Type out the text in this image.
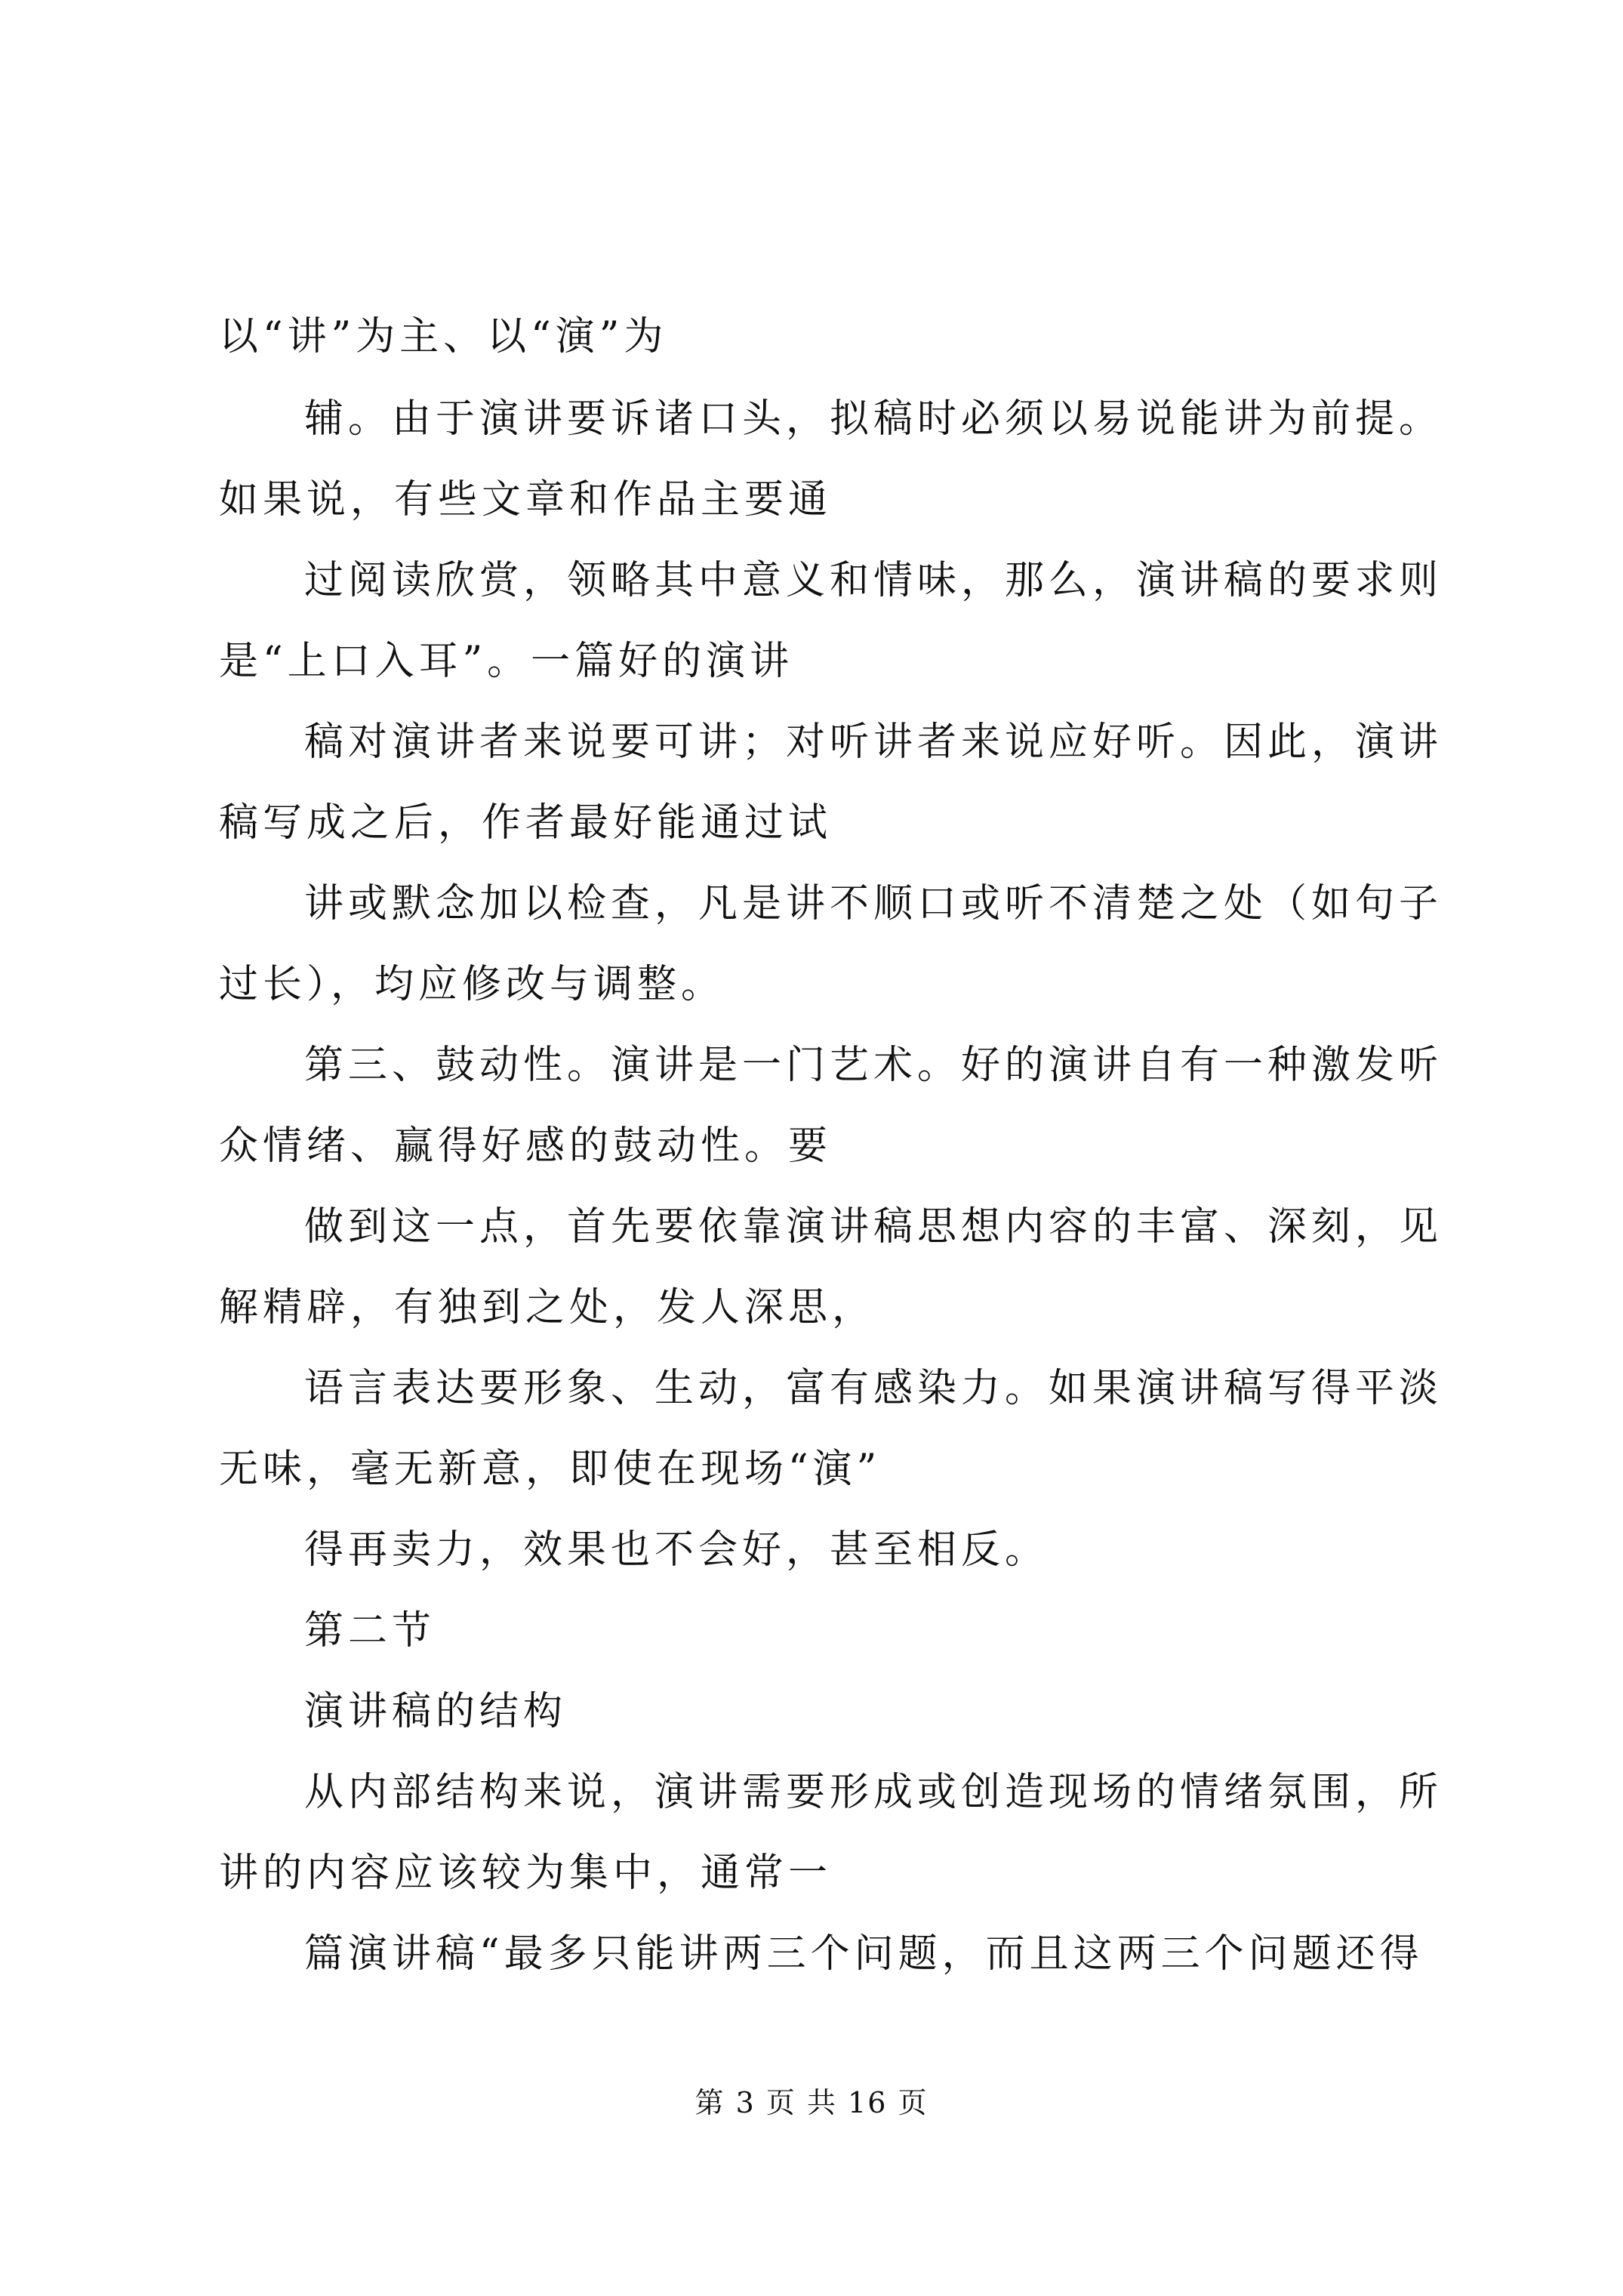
以“讲”为主、以“演”为
辅。由于演讲要诉诸口头，拟稿时必须以易说能讲为前提。
如果说，有些文章和作品主要通
过阅读欣赏，领略其中意义和情味，那么，演讲稿的要求则
是“上口入耳”。一篇好的演讲
稿对演讲者来说要可讲；对听讲者来说应好听。因此，演讲
稿写成之后，作者最好能通过试
讲或默念加以检查，凡是讲不顺口或听不清楚之处（如句子
过长），均应修改与调整。
第三、鼓动性。演讲是一门艺术。好的演讲自有一种激发听
众情绪、赢得好感的鼓动性。要
做到这一点，首先要依靠演讲稿思想内容的丰富、深刻，见
解精辟，有独到之处，发人深思，
语言表达要形象、生动，富有感染力。如果演讲稿写得平淡
无味，毫无新意，即使在现场“演”
得再卖力，效果也不会好，甚至相反。
第二节
演讲稿的结构
从内部结构来说，演讲需要形成或创造现场的情绪氛围，所
讲的内容应该较为集中，通常一
篇演讲稿“最多只能讲两三个问题，而且这两三个问题还得
第 3 页 共 16 页
